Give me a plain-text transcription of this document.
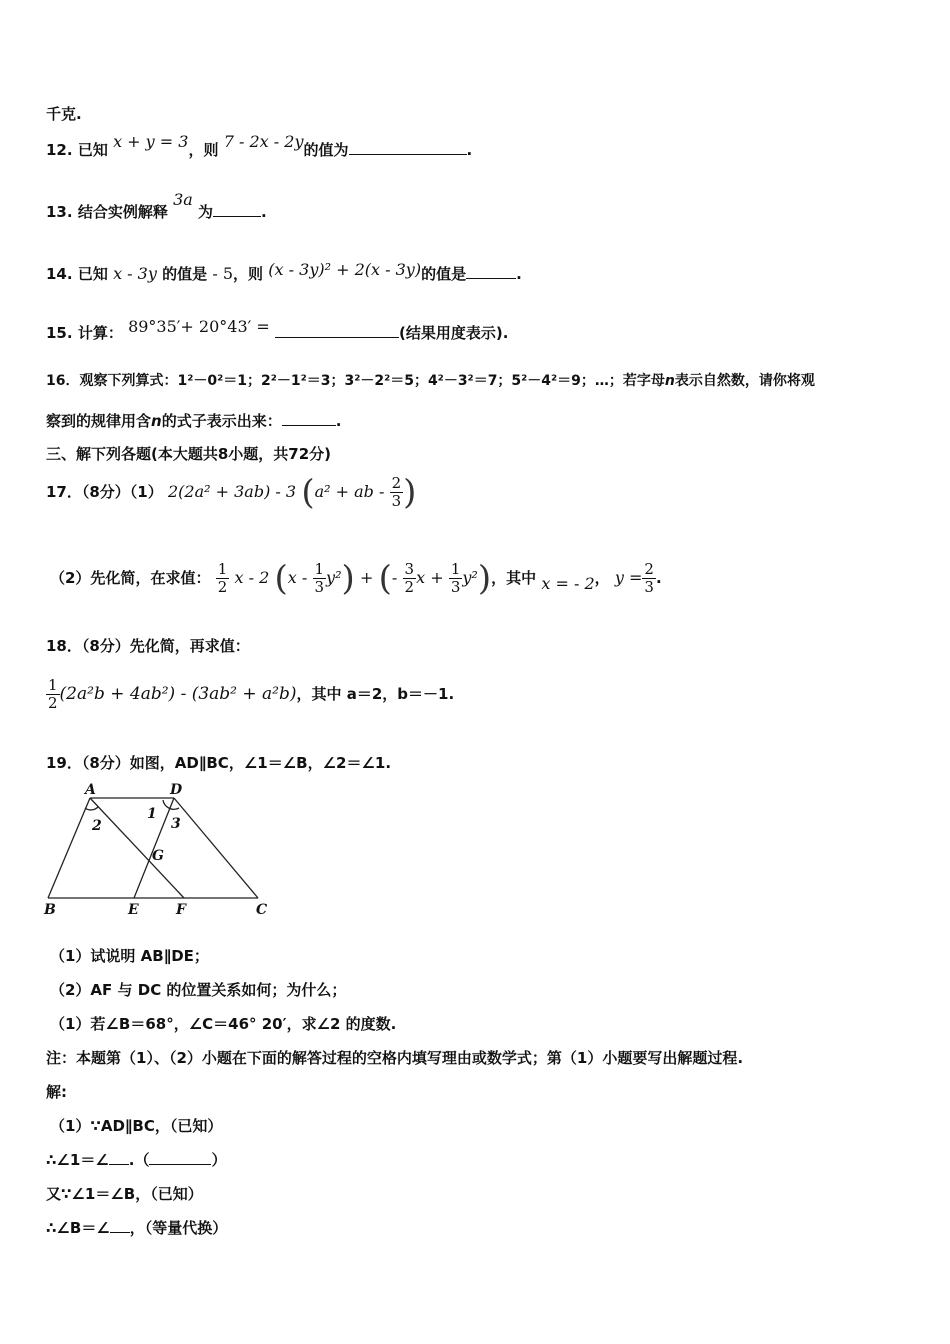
千克.
12. 已知 x + y = 3，则 7 - 2x - 2y的值为	.
13. 结合实例解释 3a 为	.
14. 已知 x - 3y 的值是 - 5，则 (x - 3y)² + 2(x - 3y)的值是	.
15. 计算： 89°35′+ 20°43′ =	(结果用度表示).
16．观察下列算式：1²－0²＝1；2²－1²＝3；3²－2²＝5；4²－3²＝7；5²－4²＝9；…；若字母n表示自然数，请你将观
察到的规律用含n的式子表示出来：	.
三、解下列各题(本大题共8小题，共72分)
17．（8分）（1） 2(2a² + 3ab) - 3 (a² + ab - $\frac{2}{3}$ )
（2）先化简，在求值： $\frac{1}{2}$ x - 2 $(x - \frac{1}{3} y^2)$ + (- $\frac{3}{2}$ $x + \frac{1}{3} y^2$)，其中 x = - 2， $y = \frac{2}{3}$ .
18．（8分）先化简，再求值：
$\frac{1}{2} (2a^2b + 4ab^2) - (3ab^2 + a^2b)$，其中 a＝2，b＝－1.
19．（8分）如图，AD∥BC，∠1＝∠B，∠2＝∠1.
A	D
B	E	F	C
G
1
2	3
（1）试说明 AB∥DE；
（2）AF 与 DC 的位置关系如何；为什么；
（1）若∠B＝68°，∠C＝46° 20′，求∠2 的度数.
注：本题第（1）、（2）小题在下面的解答过程的空格内填写理由或数学式；第（1）小题要写出解题过程.
解:
（1）∵AD∥BC，（已知）
∴∠1＝∠ .（	）
又∵∠1＝∠B，（已知）
∴∠B＝∠ ，（等量代换）
